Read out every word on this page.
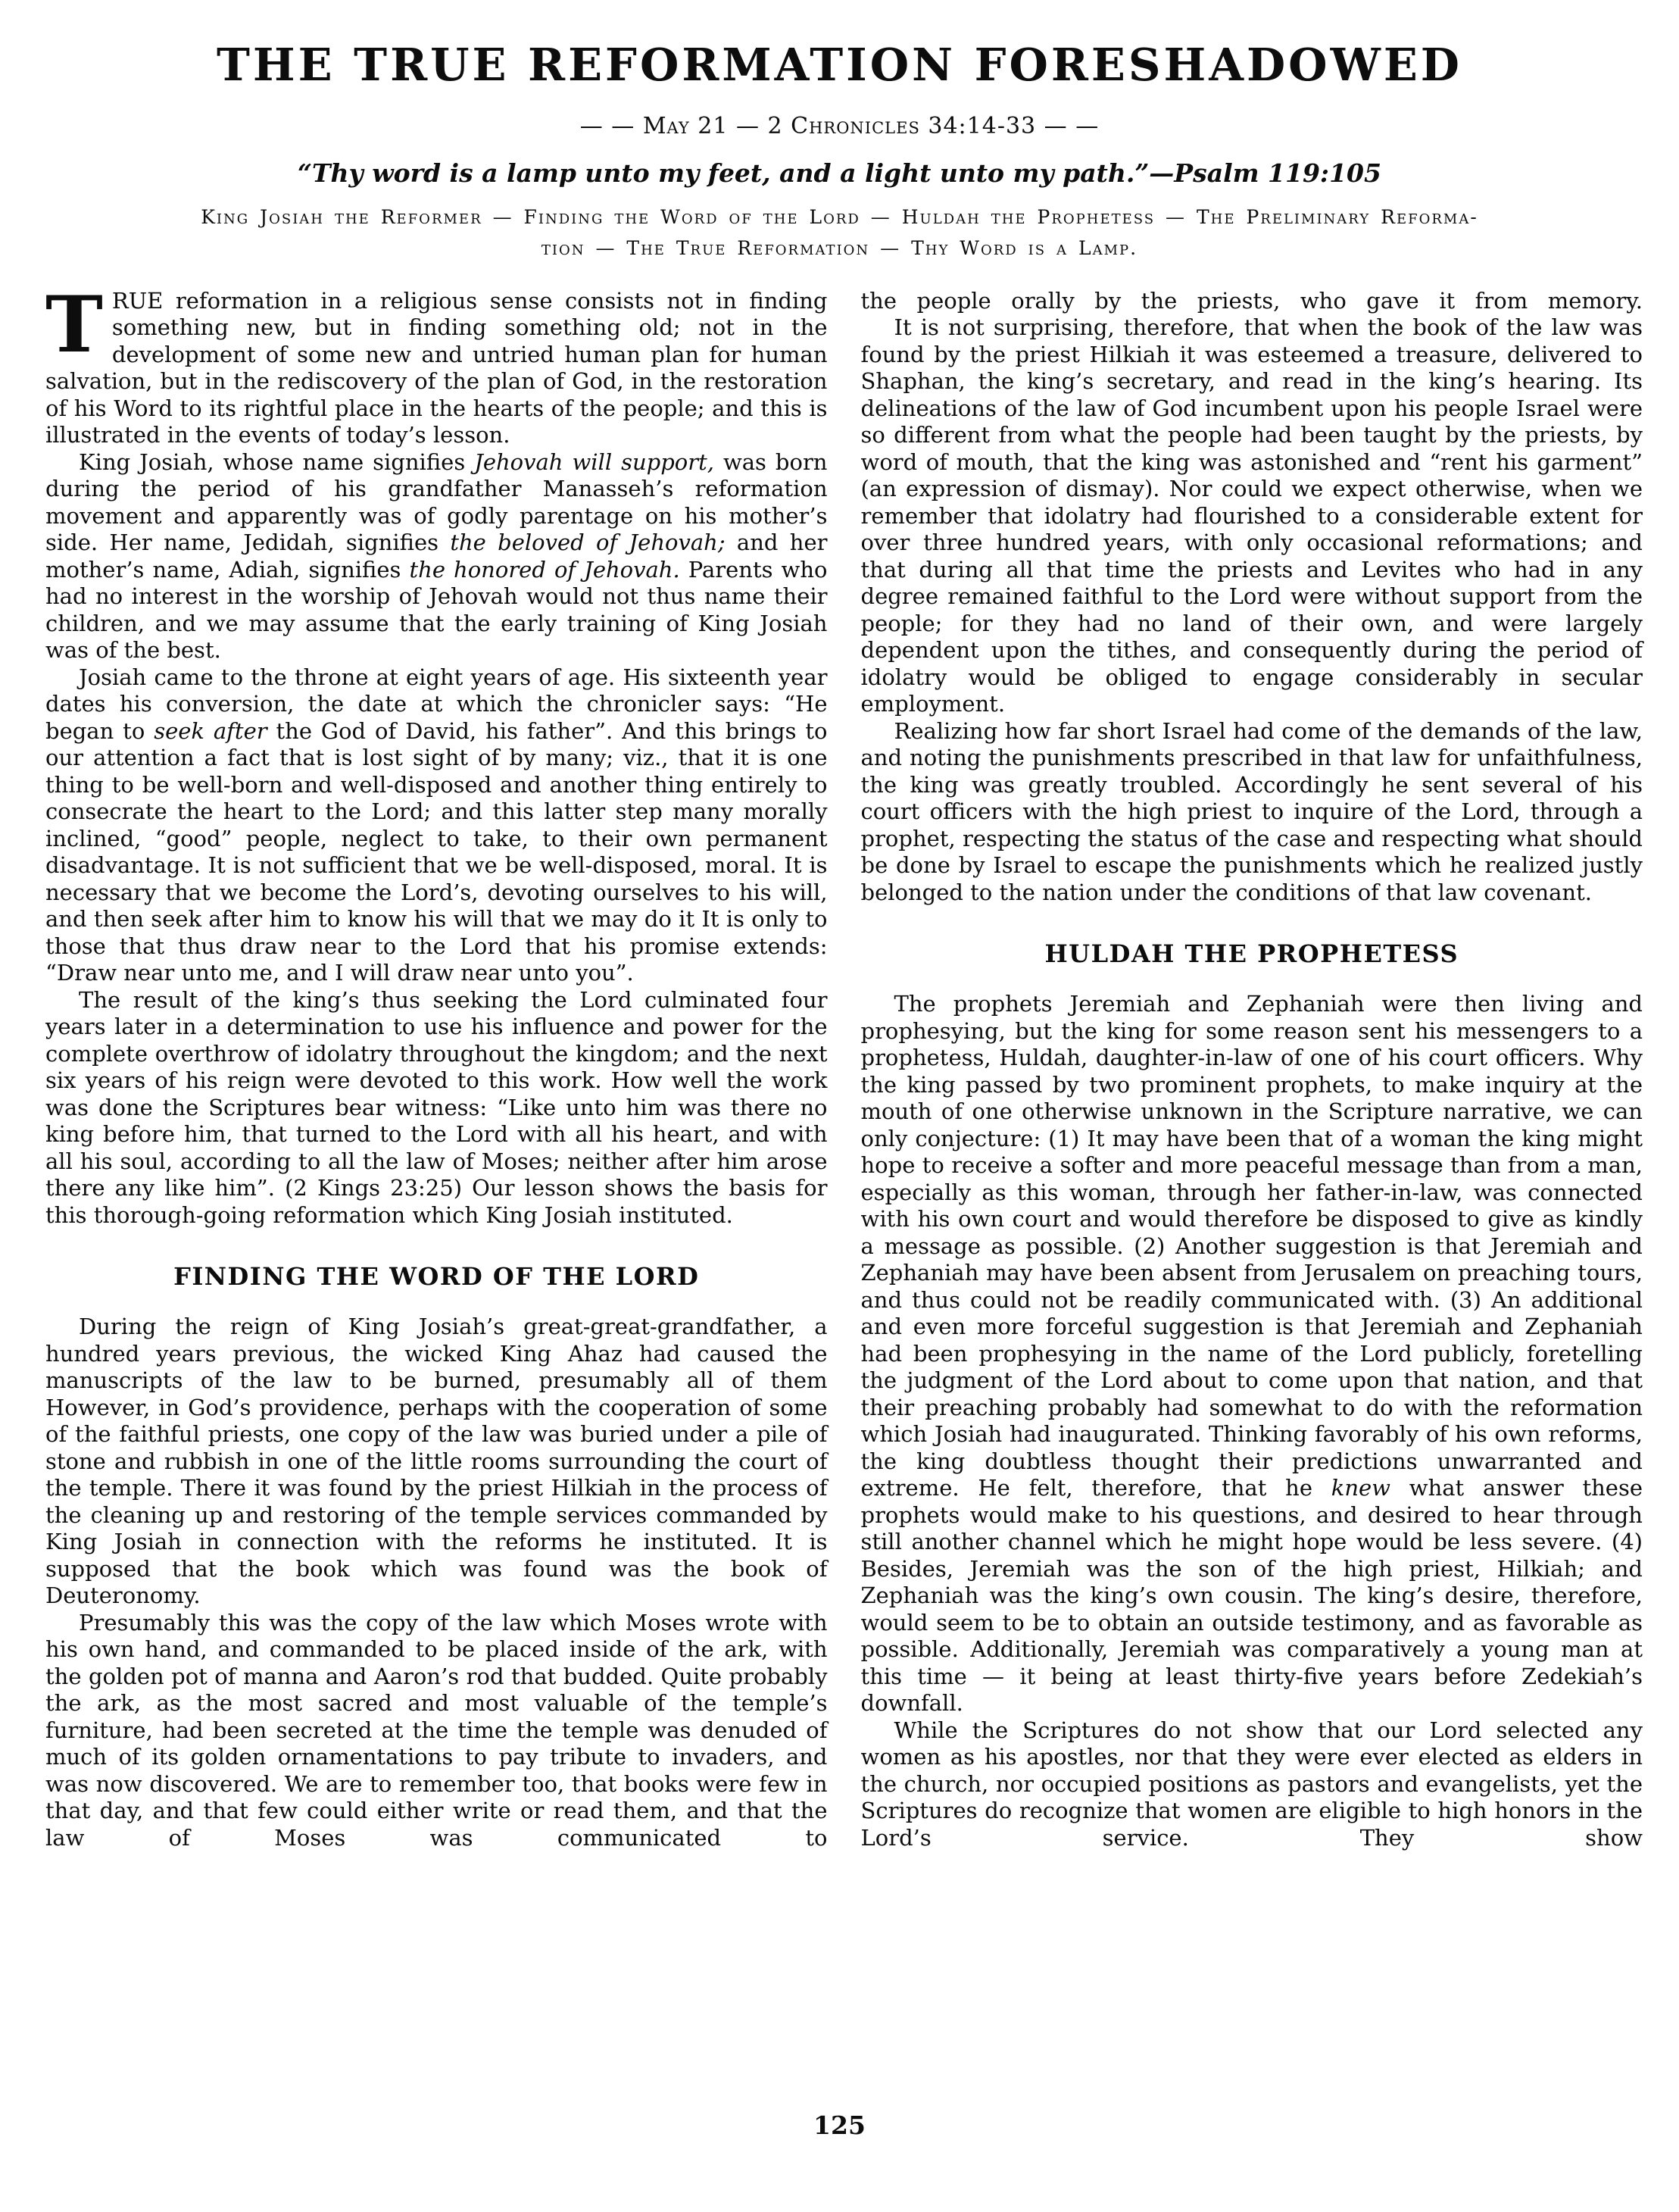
THE TRUE REFORMATION FORESHADOWED
— — May 21 — 2 Chronicles 34:14-33 — —
“Thy word is a lamp unto my feet, and a light unto my path.”—Psalm 119:105
King Josiah the Reformer — Finding the Word of the Lord — Huldah the Prophetess — The Preliminary Reforma-
tion — The True Reformation — Thy Word is a Lamp.

TRUE reformation in a religious sense consists not in finding something new, but in finding something old; not in the development of some new and untried human plan for human salvation, but in the rediscovery of the plan of God, in the restoration of his Word to its rightful place in the hearts of the people; and this is illustrated in the events of today’s lesson.

King Josiah, whose name signifies Jehovah will support, was born during the period of his grandfather Manasseh’s reformation movement and apparently was of godly parentage on his mother’s side. Her name, Jedidah, signifies the beloved of Jehovah; and her mother’s name, Adiah, signifies the honored of Jehovah. Parents who had no interest in the worship of Jehovah would not thus name their children, and we may assume that the early training of King Josiah was of the best.

Josiah came to the throne at eight years of age. His sixteenth year dates his conversion, the date at which the chronicler says: “He began to seek after the God of David, his father”. And this brings to our attention a fact that is lost sight of by many; viz., that it is one thing to be well-born and well-disposed and another thing entirely to consecrate the heart to the Lord; and this latter step many morally inclined, “good” people, neglect to take, to their own permanent disadvantage. It is not sufficient that we be well-disposed, moral. It is necessary that we become the Lord’s, devoting ourselves to his will, and then seek after him to know his will that we may do it It is only to those that thus draw near to the Lord that his promise extends: “Draw near unto me, and I will draw near unto you”.

The result of the king’s thus seeking the Lord culminated four years later in a determination to use his influence and power for the complete overthrow of idolatry throughout the kingdom; and the next six years of his reign were devoted to this work. How well the work was done the Scriptures bear witness: “Like unto him was there no king before him, that turned to the Lord with all his heart, and with all his soul, according to all the law of Moses; neither after him arose there any like him”. (2 Kings 23:25) Our lesson shows the basis for this thorough-going reformation which King Josiah instituted.

FINDING THE WORD OF THE LORD

During the reign of King Josiah’s great-great-grandfather, a hundred years previous, the wicked King Ahaz had caused the manuscripts of the law to be burned, presumably all of them However, in God’s providence, perhaps with the cooperation of some of the faithful priests, one copy of the law was buried under a pile of stone and rubbish in one of the little rooms surrounding the court of the temple. There it was found by the priest Hilkiah in the process of the cleaning up and restoring of the temple services commanded by King Josiah in connection with the reforms he instituted. It is supposed that the book which was found was the book of Deuteronomy.

Presumably this was the copy of the law which Moses wrote with his own hand, and commanded to be placed inside of the ark, with the golden pot of manna and Aaron’s rod that budded. Quite probably the ark, as the most sacred and most valuable of the temple’s furniture, had been secreted at the time the temple was denuded of much of its golden ornamentations to pay tribute to invaders, and was now discovered. We are to remember too, that books were few in that day, and that few could either write or read them, and that the law of Moses was communicated to

the people orally by the priests, who gave it from memory.

It is not surprising, therefore, that when the book of the law was found by the priest Hilkiah it was esteemed a treasure, delivered to Shaphan, the king’s secretary, and read in the king’s hearing. Its delineations of the law of God incumbent upon his people Israel were so different from what the people had been taught by the priests, by word of mouth, that the king was astonished and “rent his garment” (an expression of dismay). Nor could we expect otherwise, when we remember that idolatry had flourished to a considerable extent for over three hundred years, with only occasional reformations; and that during all that time the priests and Levites who had in any degree remained faithful to the Lord were without support from the people; for they had no land of their own, and were largely dependent upon the tithes, and consequently during the period of idolatry would be obliged to engage considerably in secular employment.

Realizing how far short Israel had come of the demands of the law, and noting the punishments prescribed in that law for unfaithfulness, the king was greatly troubled. Accordingly he sent several of his court officers with the high priest to inquire of the Lord, through a prophet, respecting the status of the case and respecting what should be done by Israel to escape the punishments which he realized justly belonged to the nation under the conditions of that law covenant.

HULDAH THE PROPHETESS

The prophets Jeremiah and Zephaniah were then living and prophesying, but the king for some reason sent his messengers to a prophetess, Huldah, daughter-in-law of one of his court officers. Why the king passed by two prominent prophets, to make inquiry at the mouth of one otherwise unknown in the Scripture narrative, we can only conjecture: (1) It may have been that of a woman the king might hope to receive a softer and more peaceful message than from a man, especially as this woman, through her father-in-law, was connected with his own court and would therefore be disposed to give as kindly a message as possible. (2) Another suggestion is that Jeremiah and Zephaniah may have been absent from Jerusalem on preaching tours, and thus could not be readily communicated with. (3) An additional and even more forceful suggestion is that Jeremiah and Zephaniah had been prophesying in the name of the Lord publicly, foretelling the judgment of the Lord about to come upon that nation, and that their preaching probably had somewhat to do with the reformation which Josiah had inaugurated. Thinking favorably of his own reforms, the king doubtless thought their predictions unwarranted and extreme. He felt, therefore, that he knew what answer these prophets would make to his questions, and desired to hear through still another channel which he might hope would be less severe. (4) Besides, Jeremiah was the son of the high priest, Hilkiah; and Zephaniah was the king’s own cousin. The king’s desire, therefore, would seem to be to obtain an outside testimony, and as favorable as possible. Additionally, Jeremiah was comparatively a young man at this time — it being at least thirty-five years before Zedekiah’s downfall.

While the Scriptures do not show that our Lord selected any women as his apostles, nor that they were ever elected as elders in the church, nor occupied positions as pastors and evangelists, yet the Scriptures do recognize that women are eligible to high honors in the Lord’s service. They show

125
